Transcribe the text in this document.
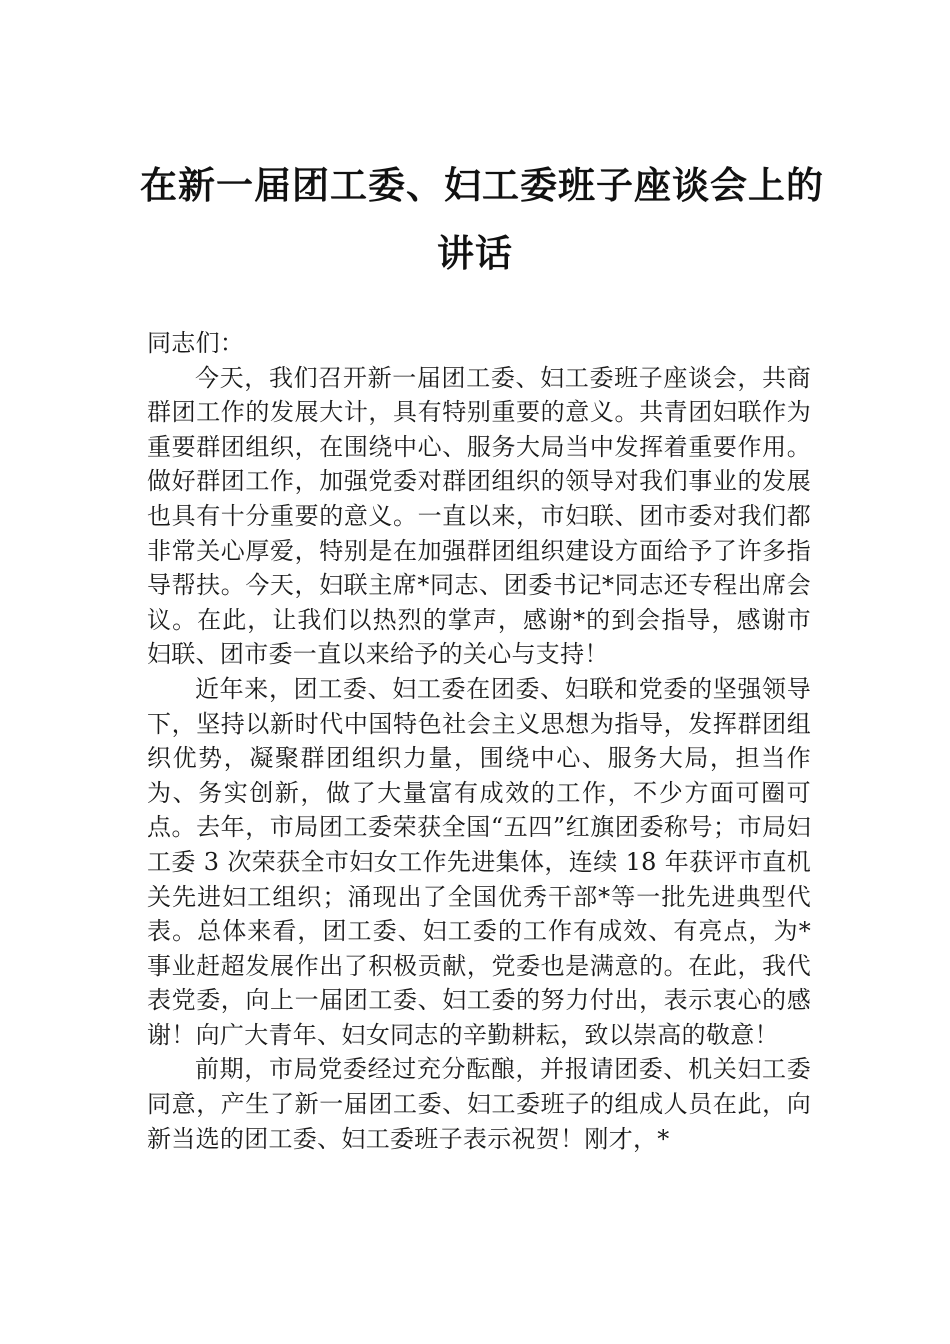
在新一届团工委、妇工委班子座谈会上的
讲话

同志们：

今天，我们召开新一届团工委、妇工委班子座谈会，共商群团工作的发展大计，具有特别重要的意义。共青团妇联作为重要群团组织，在围绕中心、服务大局当中发挥着重要作用。做好群团工作，加强党委对群团组织的领导对我们事业的发展也具有十分重要的意义。一直以来，市妇联、团市委对我们都非常关心厚爱，特别是在加强群团组织建设方面给予了许多指导帮扶。今天，妇联主席*同志、团委书记*同志还专程出席会议。在此，让我们以热烈的掌声，感谢*的到会指导，感谢市妇联、团市委一直以来给予的关心与支持！

近年来，团工委、妇工委在团委、妇联和党委的坚强领导下，坚持以新时代中国特色社会主义思想为指导，发挥群团组织优势，凝聚群团组织力量，围绕中心、服务大局，担当作为、务实创新，做了大量富有成效的工作，不少方面可圈可点。去年，市局团工委荣获全国“五四”红旗团委称号；市局妇工委 3 次荣获全市妇女工作先进集体，连续 18 年获评市直机关先进妇工组织；涌现出了全国优秀干部*等一批先进典型代表。总体来看，团工委、妇工委的工作有成效、有亮点，为*事业赶超发展作出了积极贡献，党委也是满意的。在此，我代表党委，向上一届团工委、妇工委的努力付出，表示衷心的感谢！向广大青年、妇女同志的辛勤耕耘，致以崇高的敬意！

前期，市局党委经过充分酝酿，并报请团委、机关妇工委同意，产生了新一届团工委、妇工委班子的组成人员在此，向新当选的团工委、妇工委班子表示祝贺！刚才，*
